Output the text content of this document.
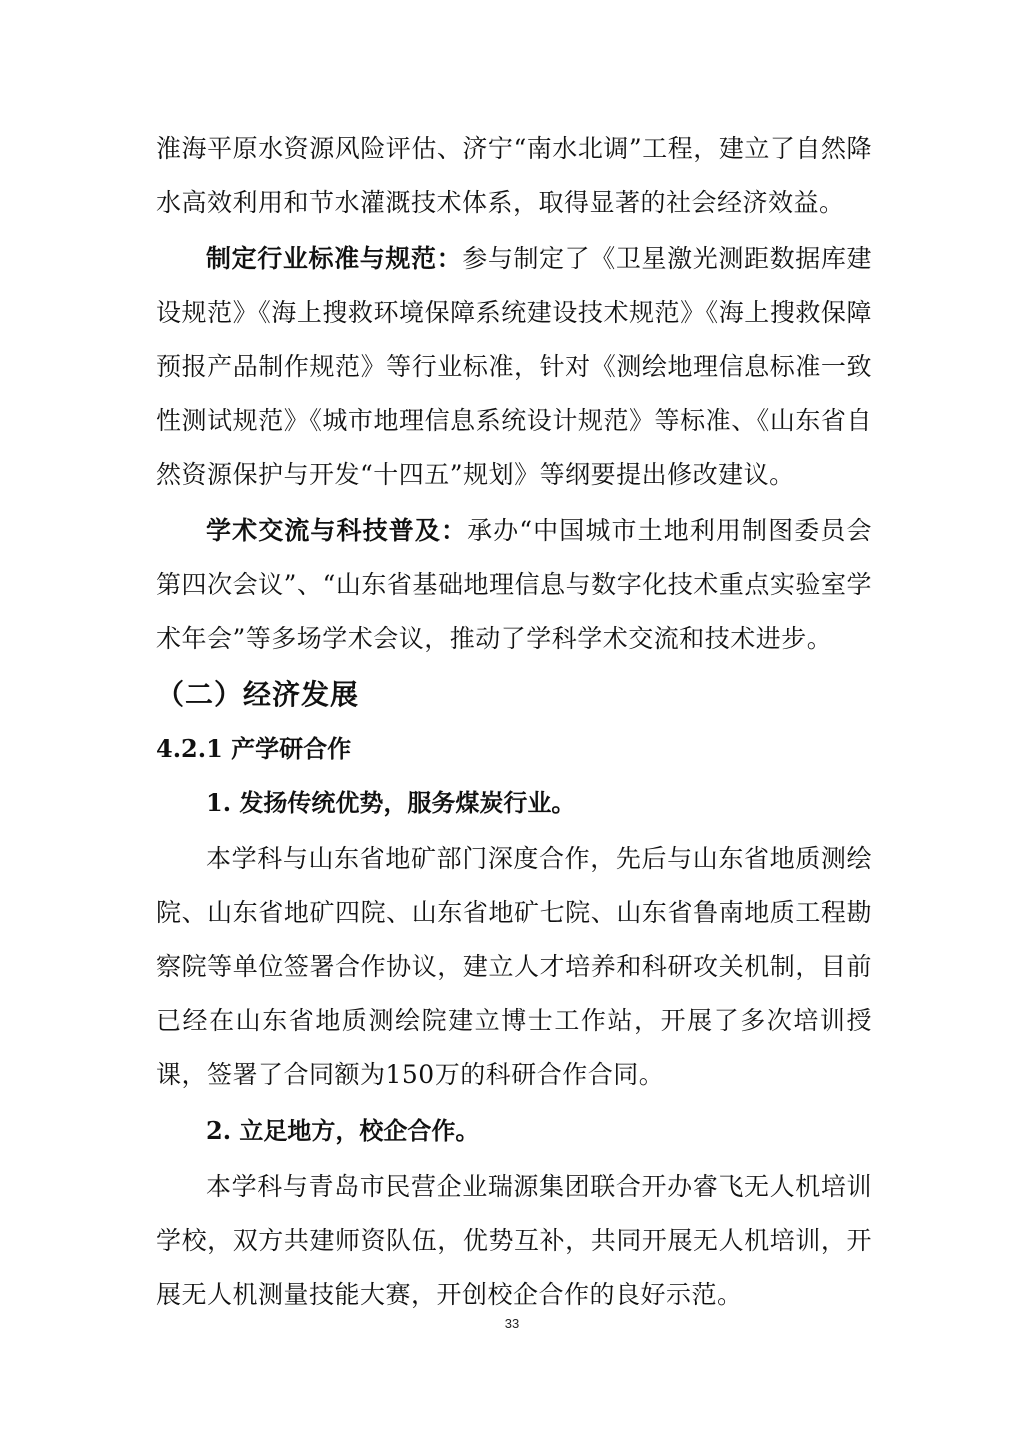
淮海平原水资源风险评估、济宁“南水北调”工程，建立了自然降水高效利用和节水灌溉技术体系，取得显著的社会经济效益。

制定行业标准与规范：参与制定了《卫星激光测距数据库建设规范》《海上搜救环境保障系统建设技术规范》《海上搜救保障预报产品制作规范》等行业标准，针对《测绘地理信息标准一致性测试规范》《城市地理信息系统设计规范》等标准、《山东省自然资源保护与开发“十四五”规划》等纲要提出修改建议。

学术交流与科技普及：承办“中国城市土地利用制图委员会第四次会议”、“山东省基础地理信息与数字化技术重点实验室学术年会”等多场学术会议，推动了学科学术交流和技术进步。

（二）经济发展
4.2.1 产学研合作
1. 发扬传统优势，服务煤炭行业。

本学科与山东省地矿部门深度合作，先后与山东省地质测绘院、山东省地矿四院、山东省地矿七院、山东省鲁南地质工程勘察院等单位签署合作协议，建立人才培养和科研攻关机制，目前已经在山东省地质测绘院建立博士工作站，开展了多次培训授课，签署了合同额为150万的科研合作合同。

2. 立足地方，校企合作。

本学科与青岛市民营企业瑞源集团联合开办睿飞无人机培训学校，双方共建师资队伍，优势互补，共同开展无人机培训，开展无人机测量技能大赛，开创校企合作的良好示范。

33
